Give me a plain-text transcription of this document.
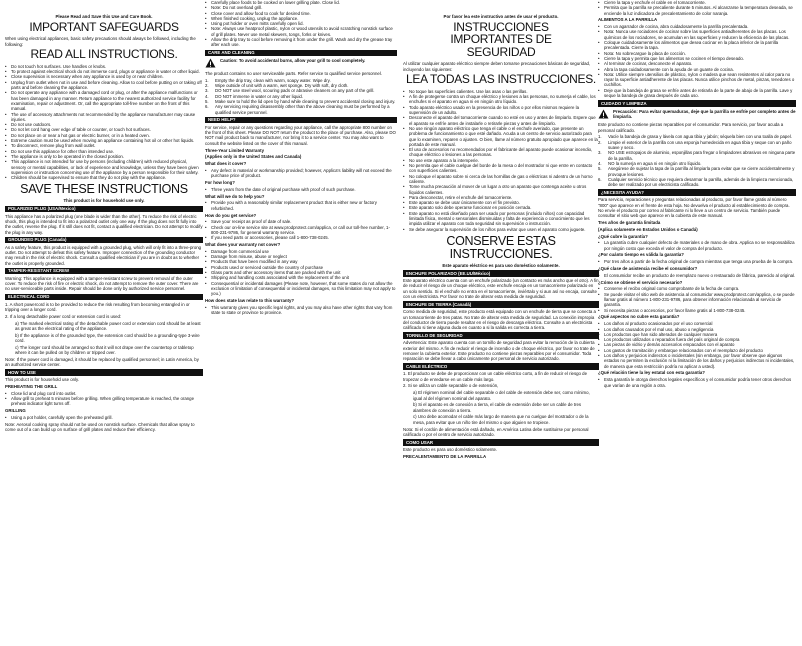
Please Read and Save this Use and Care Book.

IMPORTANT SAFEGUARDS

When using electrical appliances, basic safety precautions should always be followed, including the following:

READ ALL INSTRUCTIONS.
• Do not touch hot surfaces. Use handles or knobs.
• To protect against electrical shock do not immerse cord, plugs or appliance in water or other liquid.
• Close supervision is necessary when any appliance is used by or near children.
• Unplug from outlet when not in use and before cleaning. Allow to cool before putting on or taking off parts and before cleaning the appliance.
• Do not operate any appliance with a damaged cord or plug, or after the appliance malfunctions or has been damaged in any manner. Return appliance to the nearest authorized service facility for examination, repair or adjustment. Or, call the appropriate toll-free number on the front of this manual.
• The use of accessory attachments not recommended by the appliance manufacturer may cause injuries.
• Do not use outdoors.
• Do not let cord hang over edge of table or counter, or touch hot surfaces.
• Do not place on or near a hot gas or electric burner, or in a heated oven.
• Extreme caution must be used when moving an appliance containing hot oil or other hot liquids.
• To disconnect, remove plug from wall outlet.
• Do not use this appliance for other than intended use.
• The appliance is only to be operated in the closed position.
• This appliance is not intended for use by persons (including children) with reduced physical, sensory or mental capabilities, or lack of experience and knowledge, unless they have been given supervision or instruction concerning use of the appliance by a person responsible for their safety.
• Children should be supervised to ensure that they do not play with the appliance.
SAVE THESE INSTRUCTIONS

This product is for household use only.

POLARIZED PLUG (USA/Mexico)

This appliance has a polarized plug (one blade is wider than the other). To reduce the risk of electric shock, this plug is intended to fit into a polarized outlet only one way. If the plug does not fit fully into the outlet, reverse the plug. If it still does not fit, contact a qualified electrician. Do not attempt to modify the plug in any way.

GROUNDED PLUG (Canada)

As a safety feature, this product is equipped with a grounded plug, which will only fit into a three-prong outlet. Do not attempt to defeat this safety feature. Improper connection of the grounding conductor may result in the risk of electric shock. Consult a qualified electrician if you are in doubt as to whether the outlet is properly grounded.

TAMPER-RESISTANT SCREW

Warning: This appliance is equipped with a tamper-resistant screw to prevent removal of the outer cover. To reduce the risk of fire or electric shock, do not attempt to remove the outer cover. There are no user-serviceable parts inside. Repair should be done only by authorized service personnel.

ELECTRICAL CORD

1. A short powercord is to be provided to reduce the risk resulting from becoming entangled in or tripping over a longer cord.

2. If a long detachable power cord or extension cord is used:

a) The marked electrical rating of the detachable power cord or extension cord should be at least as great as the electrical rating of the appliance.

b) If the appliance is of the grounded type, the extension cord should be a grounding-type 3-wire cord.

c) The longer cord should be arranged so that it will not drape over the countertop or tabletop where it can be pulled on by children or tripped over.

Note: If the power cord is damaged, it should be replaced by qualified personnel; in Latin America, by an authorized service center.

HOW TO USE

This product is for household use only.

PREHEATING THE GRILL

• Close lid and plug cord into outlet.
• Allow grill to preheat 5 minutes before grilling. When grilling temperature is reached, the orange preheat indicator light turns off.

GRILLING

• Using a pot holder, carefully open the preheated grill.

Note: Aerosol cooking spray should not be used on nonstick surface. Chemicals that allow spray to come out of a can build up on surface of grill plates and reduce their efficiency.

• Carefully place foods to be cooked on lower grilling plate. Close lid.
• Note: Do not overload grill.
• Close cover and allow food to cook for desired time.
• When finished cooking, unplug the appliance.
• Using pot holder or oven mitts carefully open lid.
• Note: Always use heatproof plastic, nylon or wood utensils to avoid scratching nonstick surface of grill plates. Never use metal skewers, tongs, forks or knives.
• Allow the drip tray to cool before removing it from under the grill. Wash and dry the grease tray after each use.
CARE AND CLEANING
Caution: To avoid accidental burns, allow your grill to cool completely.

The product contains no user serviceable parts. Refer service to qualified service personnel.

1. Empty the drip tray, clean with warm, soapy water. Wipe dry.
2. Wipe outside of unit with a warm, wet sponge. Dry with soft, dry cloth.
3. DO NOT use steel wool, scouring pads or abrasive cleaners on any part of the grill.
4. DO NOT immerse in water or any other liquid.
5. Make sure to hold the lid open by hand while cleaning to prevent accidental closing and injury.
6. Any servicing requiring disassembly other than the above cleaning must be performed by a qualified service personnel.
NEED HELP?

For service, repair or any questions regarding your appliance, call the appropriate 800 number on the front of this sheet. Please DO NOT return the product to the place of purchase. Also, please DO NOT mail product back to manufacturer, nor bring it to a service center. You may also want to consult the website listed on the cover of this manual.

Three-Year Limited Warranty

(Applies only in the United States and Canada)

What does it cover?

• Any defect in material or workmanship provided; however, Applica's liability will not exceed the purchase price of product.

For how long?

• Three years from the date of original purchase with proof of such purchase.

What will we do to help you?

• Provide you with a reasonably similar replacement product that is either new or factory refurbished.

How do you get service?

• Save your receipt as proof of date of sale.
• Check our on-line service site at www.prodprotect.com/applica, or call our toll-free number, 1-800-231-9786, for general warranty service.
• If you need parts or accessories, please call 1-800-738-0245.

What does your warranty not cover?

• Damage from commercial use
• Damage from misuse, abuse or neglect
• Products that have been modified in any way
• Products used or serviced outside the country of purchase
• Glass parts and other accessory items that are packed with the unit
• Shipping and handling costs associated with the replacement of the unit
• Consequential or incidental damages (Please note, however, that some states do not allow the exclusion or limitation of consequential or incidental damages, so this limitation may not apply to you.)

How does state law relate to this warranty?

• This warranty gives you specific legal rights, and you may also have other rights that vary from state to state or province to province.

Por favor lea este instructivo antes de usar el producto.

INSTRUCCIONES IMPORTANTES DE SEGURIDAD

Al utilizar cualquier aparato eléctrico siempre deben tomarse precauciones básicas de seguridad, incluyendo las siguientes:

LEA TODAS LAS INSTRUCCIONES.
• No toque las superficies calientes. Use las asas o las perillas.
• A fin de protegerse contra un choque eléctrico y lesiones a las personas, no sumerja el cable, los enchufes ni el aparato en agua ni en ningún otro líquido.
• Todo aparato eléctrico usado en la presencia de los niños o por ellos mismos requiere la supervisión de un adulto.
• Desconecte el aparato del tomacorriente cuando no esté en uso y antes de limpiarlo. Espere que el aparato se enfríe antes de instalarle o retirarle piezas y antes de limpiarlo.
• No use ningún aparato eléctrico que tenga el cable o el enchufe averiado, que presente un problema de funcionamiento o que esté dañado. Acuda a un centro de servicio autorizado para que lo examinen, reparen o ajusten. O bien, llame al número gratuito apropiado que aparece en la portada de este manual.
• El uso de accesorios no recomendados por el fabricante del aparato puede ocasionar incendio, choque eléctrico o lesiones a las personas.
• No use este aparato a la intemperie.
• No permita que el cable cuelgue del borde de la mesa o del mostrador ni que entre en contacto con superficies calientes.
• No coloque el aparato sobre ni cerca de las hornillas de gas o eléctricas ni adentro de un horno caliente.
• Tome mucha precaución al mover de un lugar a otro un aparato que contenga aceite u otros líquidos calientes.
• Para desconectar, retire el enchufe del tomacorriente.
• Este aparato se debe usar únicamente con el fin previsto.
• Este aparato solo debe operarse funcionar en posición cerrada.
• Este aparato no está diseñado para ser usado por personas (incluido niños) con capacidad limitada física, mental o sensoriales disminuidas y falta de experiencia o conocimiento que les impida utilizar el aparato con toda seguridad sin supervisión o instrucción.
• Se debe asegurar la supervisión de los niños para evitar que usen el aparato como juguete.
CONSERVE ESTAS INSTRUCCIONES.

Este aparato eléctrico es para uso doméstico solamente.

ENCHUFE POLARIZADO (EE.UU/México)

Este aparato eléctrico cuenta con un enchufe polarizado (un contacto es más ancho que el otro). A fin de reducir el riesgo de un choque eléctrico, este enchufe encaja en un tomacorriente polarizado en un solo sentido. Si el enchufe no entra en el tomacorriente, inviértalo y si aun así no encaja, consulte con un electricista. Por favor no trate de alterar esta medida de seguridad.

ENCHUFE DE TIERRA (Canadá)

Como medida de seguridad, este producto está equipado con un enchufe de tierra que se conecta a un tomacorriente de tres patas. No trate de alterar esta medida de seguridad. La conexión impropia del conductor de tierra puede resultar en el riesgo de descarga eléctrica. Consulte a un electricista calificado si tiene alguna duda en cuanto a si la salida es correcta a tierra.

TORNILLO DE SEGURIDAD

Advertencia: Este aparato cuenta con un tornillo de seguridad para evitar la remoción de la cubierta exterior del mismo. A fin de reducir el riesgo de incendio o de choque eléctrico, por favor no trate de remover la cubierta exterior. Este producto no contiene piezas reparables por el consumidor. Toda reparación se debe llevar a cabo únicamente por personal de servicio autorizado.

CABLE ELÉCTRICO

1. El producto se debe de proporcionar con un cable eléctrico corto, a fin de reducir el riesgo de tropezar o de enredarse en un cable más largo.

2. Si se utiliza un cable separable o de extensión,

a) El régimen nominal del cable separable o del cable de extensión debe ser, como mínimo, igual al del régimen nominal del aparato.

b) Si el aparato es de conexión a tierra, el cable de extensión debe ser un cable de tres alambres de conexión a tierra.

c) Uno debe acomodar el cable más largo de manera que no cuelgue del mostrador o de la mesa, para evitar que un niño tire del mismo o que alguien se tropiece.

Nota: Si el cordón de alimentación está dañado, en América Latina debe sustituirse por personal calificado o por el centro de servicio autorizado.

COMO USAR

Este producto es para uso doméstico solamente.

PRECALENTAMIENTO DE LA PARRILLA

• Cierre la tapa y enchufe el cable en el tomacorriente.
• Permita que la parrilla se precaliente durante 5 minutos. Al alcanzarse la temperatura deseada, se enciende la luz indicadora de precalentamiento de color naranja.

ALIMENTOS A LA PARRILLA

• Con un agarrador de cocina, abra cuidadosamente la parrilla precalentada.
• Nota: Nunca use rociadores de cocinar sobre las superficies antiadherentes de las placas. Los químicos de los rociadores, se acumulan en las superficies y reducen la eficiencia de las placas.
• Coloque cuidadosamente los alimentos que desea cocinar en la placa inferior de la parrilla precalentada. Cierre la tapa.
• Nota: No sobrecargue la placa de cocción.
• Cierre la tapa y permita que los alimentos se cocinen el tiempo deseado.
• Al terminar de cocinar, desconecte el aparato.
• Abra la tapa cuidadosamente con la ayuda de un guante de cocina.
• Nota: Utilice siempre utensilios de plástico, nylon o madera que sean resistentes al calor para no rayar la superficie antiadherente de las placas. Nunca utilice pinchos de metal, pinzas, tenedores o cuchillos.
• Deje que la bandeja de grasa se enfríe antes de retirarla de la parte de abajo de la parrilla. Lave y seque la bandeja de grasa después de cada uso.
CUIDADO Y LIMPIEZA
Precaución: Para evitar quemaduras, deje que la parrilla se enfríe por completo antes de limpiarla.

Este producto no contiene piezas reparables por el consumidor. Para servicio, por favor acuda a personal calificado.

1. Vacíe la bandeja de grasa y lávela con agua tibia y jabón; séquela bien con una toalla de papel.
2. Limpie el exterior de la parrilla con una esponja humedecida en agua tibia y seque con un paño suave y seco.
3. NO USE estropajos de aluminio, esponjillas para fregar o limpiadores abrasivos en ninguna parte de la parrilla.
4. NO la sumerja en agua ni en ningún otro líquido.
5. Asegúrese de sujetar la tapa de la parrilla al limpiarla para evitar que se cierre accidentalmente y provoque lesiones.
6. Cualquier servicio técnico que requiera desarmar la parrilla, además de la limpieza mencionada, debe ser realizado por un electricista calificado.
¿NECESITA AYUDA?

Para servicio, reparaciones y preguntas relacionadas al producto, por favor llame gratis al número "800" que aparece en el frente de esta hoja. No devuelva el producto al establecimiento de compra. No envíe el producto por correo al fabricante ni lo lleve a un centro de servicio. También puede consultar el sitio web que aparece en la cubierta de este manual.

Tres años de garantía limitada

(Aplica solamente en Estados Unidos o Canadá)

¿Qué cubre la garantía?

• La garantía cubre cualquier defecto de materiales o de mano de obra. Applica no se responsabiliza por ningún costo que exceda el valor de compra del producto.

¿Por cuánto tiempo es válida la garantía?

• Por tres años a partir de la fecha original de compra mientras que tenga una prueba de la compra.

¿Qué clase de asistencia recibe el consumidor?

• El consumidor recibe un producto de reemplazo nuevo o restaurado de fábrica, parecido al original.

¿Cómo se obtiene el servicio necesario?

• Conserve el recibo original como comprobante de la fecha de compra.
• Se puede visitar el sitio web de asistencia al consumidor www.prodprotect.com/applica, o se puede llamar gratis al número 1-800-231-9786, para obtener información relacionada al servicio de garantía.
• Si necesita piezas o accesorios, por favor llame gratis al 1-800-738-0245.

¿Qué aspectos no cubre esta garantía?

• Los daños al producto ocasionados por el uso comercial
• Los daños causados por el mal uso, abuso o negligencia
• Los productos que han sido alterados de cualquier manera
• Los productos utilizados o reparados fuera del país original de compra
• Las piezas de vidrio y demás accesorios empacados con el aparato
• Los gastos de tramitación y embarque relacionados con el reemplazo del producto
• Los daños y perjuicios indirectos o incidentales (sin embargo, por favor observe que algunos estados no permiten la exclusión ni la limitación de los daños y perjuicios indirectos ni incidentales, de manera que esta restricción podría no aplicar a usted).

¿Qué relación tiene la ley estatal con esta garantía?

• Esta garantía le otorga derechos legales específicos y el consumidor podría tener otros derechos que varían de una región a otra.
